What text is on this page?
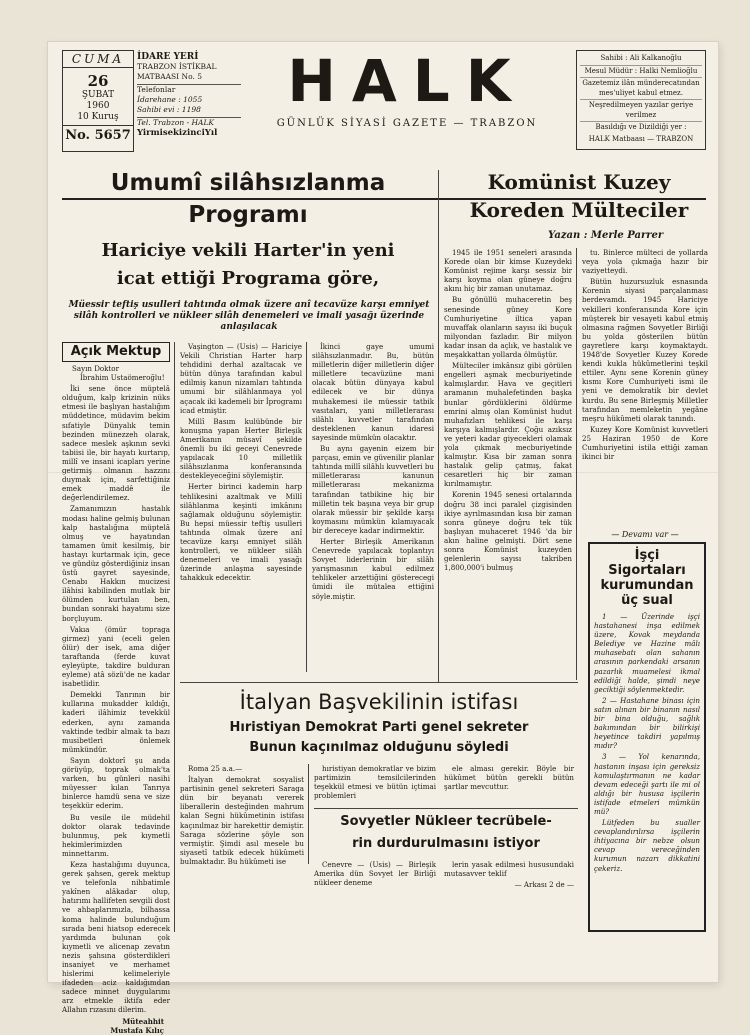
CUMA
26
ŞUBAT
1960
10 Kuruş
No. 5657
İDARE YERİ
TRABZON İSTİKBAL
MATBAASI No. 5
Telefonlar
İdarehane : 1055
Sahibi evi : 1198
Tel. Trabzon - HALK
YirmisekizinciYıl
HALK
GÜNLÜK SİYASİ GAZETE — TRABZON
Sahibi : Ali Kalkanoğlu
Mesul Müdür : Halki Nemlioğlu
Gazetemiz ilân münderecatından mes'uliyet kabul etmez.
Neşredilmeyen yazılar geriye verilmez
Basıldığı ve Dizildiği yer :
HALK Matbaası — TRABZON
Umumî silâhsızlanma
Programı
Hariciye vekili Harter'in yeni
icat ettiği Programa göre,
Müessir teftiş usulleri tahtında olmak üzere anî tecavüze karşı emniyet silâh kontrolleri ve nükleer silâh denemeleri ve imali yasağı üzerinde anlaşılacak
Açık Mektup
Sayın Doktor
İbrahim Ustaömeroğlu!

İki sene önce müptelâ olduğum, kalp krizinin nüks etmesi ile başlıyan hastalığım müddetince, müdavim bekim sıfatiyle Dünyalık temin bezinden münezzeh olarak, sadece meslek aşkının sevki tabiisi ile, bir hayatı kurtarıp, millî ve insani icapları yerine getirmiş olmanın hazzını duymak için, sarfettiğiniz emek maddê ile değerlendirilemez.

Zamanımızın hastalık modası haline gelmiş bulunan kalp hastalığına müptelâ olmuş ve hayatından tamamen ümit kesilmiş, bir hastayı kurtarmak için, gece ve gündüz gösterdiğiniz insan üstü gayret sayesinde, Cenabı Hakkın mucizesi ilâhisi kabilinden mutlak bir ölümden kurtulan ben, bundan sonraki hayatımı size borçluyum.

Vakıa (ömür topraga girmez) yani (eceli gelen ölür) der isek, ama diğer taraftanda (ferde kuvat eyleyüpte, takdire bulduran eyleme) atâ sözü'de ne kadar isabetlidir.

Demekki Tanrının bir kullarına mukadder kıldığı, kaderi ilâhimiz tevekkül ederken, aynı zamanda vaktinde tedbir almak ta bazı musibetleri önlemek mümkündür.

Sayın doktorî şu anda görüyüp, toprak olmak'ta varken, bu günleri nasihi müyesser kılan Tanrıya binlerce hamdü sena ve size teşekkür ederim.

Bu vesile ile müdehil doktor olarak tedavinde bulunmuş, pek kıymetli hekimlerimizden minnettarım.

Keza hastalığımı duyunca, gerek şahsen, gerek mektup ve telefonla nihbatimle yakînen alâkadar olup, hatırımı hallifeten sevgili dost ve ahbaplarımızla, bilhassa koma halinde bulunduğum sırada beni hiatsop ederecek yardımda bulunan çok kıymetli ve alicenap zevatın nezis şahsına gösterdikleri insaniyet ve merhamet hislerimi kelimeleriyle ifadeden aciz kaldığımdan sadece minnet duygularımı arz etmekle iktifa eder Allahın rızasını dilerim.

Müteahhit
Mustafa Kılıç

Vaşington — (Usis) — Hariciye Vekili Christian Harter harp tehdidini derhal azaltacak ve bütün dünya tarafından kabul edilmiş kanun nizamları tahtında umumi bir silâhlanmaya yol açacak iki kademeli bir İprogramı icad etmiştir.

Millî Basım kulübünde bir konuşma yapan Herter Birleşik Amerikanın müsavî şekilde önemli bu iki geceyi Cenevrede yapılacak 10 milletlik silâhsızlanma konferansında destekleyeceğini söylemiştir.

Herter birinci kademin harp tehlikesini azaltmak ve Millî silâhlanma keşinti imkânını sağlamak olduğunu söylemiştir. Bu hepsi müessir teftiş usulleri tahtında olmak üzere anî tecavüze karşı emniyet silâh kontrolleri, ve nükleer silâh denemeleri ve imali yasağı üzerinde anlaşma sayesinde tahakkuk edecektir.

İkinci gaye umumi silâhsızlanmadır. Bu, bütün milletlerin diğer milletlerin diğer milletlere tecavüzüne mani olacak bütün dünyaya kabul edilecek ve bir dünya muhakemesi ile müessir tatbik vasıtaları, yani milletlerarası silâhlı kuvvetler tarafından desteklenen kanun idaresi sayesinde mümkün olacaktır.

Bu aynı gayenin eizem bir parçası, emin ve güvenilir planlar tahtında millî silâhlı kuvvetleri bu milletlerarası kanunun milletlerarası mekanizma tarafından tatbikine hiç bir milletin tek başına veya bir grup olarak müessir bir şekilde karşı koymasını mümkün kılamıyacak bir dereceye kadar indirmektir.

Herter Birleşik Amerikanın Cenevrede yapılacak toplantıyı Sovyet liderlerinin bir silâh yarışmasının kabul edilmez tehlikeler arzettiğini gösterecegi ümidi ile mütalea ettiğini söyle.miştir.

Komünist Kuzey
Koreden Mülteciler
Yazan : Merle Parrer

1945 ile 1951 seneleri arasında Korede olan bir kimse Kuzeydeki Komünist rejime karşı sessiz bir karşı koyma olan güneye doğru akını hiç bir zaman unutamaz.

Bu gönüllü muhaceretin beş senesinde güney Kore Cumhuriyetine iltica yapan muvaffak olanların sayısı iki buçuk milyondan fazladır. Bir milyon kadar insan da açlık, ve hastalık ve meşakkattan yollarda ölmüştür.

Mülteciler imkânsız gibi görülen engelleri aşmak mecburiyetinde kalmışlardır. Hava ve geçitleri aramanın muhalefetinden başka bunlar gördüklerini öldürme emrini almış olan Komünist hudut muhafızları tehlikesi ile karşı karşıya kalmışlardır. Çoğu azıksız ve yeteri kadar giyecekleri olamak yola çıkmak mecburiyetinde kalmıştır. Kısa bir zaman sonra hastalık gelip çatmış, fakat cesaretleri hiç bir zaman kırılmamıştır.

Korenin 1945 senesi ortalarında doğru 38 inci paralel çizgisinden ikiye ayrılmasından kısa bir zaman sonra güneye doğru tek tük başlıyan muhaceret 1946 'da bir akın haline gelmişti. Dört sene sonra Komünist kuzeyden gelenlerin sayısı takriben 1,800,000'i bulmuş

tu. Binlerce mülteci de yollarda veya yola çıkmağa hazır bir vaziyetteydi.

Bütün huzursuzluk esnasında Korenin siyasi parçalanması berdevamdı. 1945 Hariciye vekilleri konferansında Kore için müşterek bir vesayeti kabul etmiş olmasına rağmen Sovyetler Birliği bu yolda gösterilen bütün gayretlere karşı koymaktaydı. 1948'de Sovyetler Kuzey Korede kendi kukla hükûmetlerini teşkil ettiler. Aynı sene Korenin güney kısmı Kore Cumhuriyeti ismi ile yeni ve demokratik bir devlet kurdu. Bu sene Birleşmiş Milletler tarafından memleketin yegâne meşru hükûmeti olarak tanındı.

Kuzey Kore Komünist kuvvetleri 25 Haziran 1950 de Kore Cumhuriyetini istila ettiği zaman ikinci bir

— Devamı var —
İşçi Sigortaları
kurumundan
üç sual

1 — Üzerinde işçi hastahanesi inşa edilmek üzere, Kovak meydanda Belediye ve Hazine mâlı muhasebatı olan sahanın arasının parkendaki arsanın pazarlık muamelesi ikmal edildiği halde, şimdi neye geciktiği söylenmektedir.

2 — Hastahane binası için satın alınan bir binanın nasıl bir bina olduğu, sağlık bakımından bir bilirkişi heyetince takdiri yapılmış mıdır?

3 — Yol kenarında, hastanın inşası için gereksiz kamulaştırmanın ne kadar devam edeceği şartı ile mi ol aldığı bir hususa işçilerin istifade etmeleri mümkün mü?

Lütfeden bu sualler cevaplandırılırsa işçilerin ihtiyacına bir nebze olsun cevap vereceğinden kurumun nazarı dikkatini çekeriz.

İtalyan Başvekilinin istifası
Hıristiyan Demokrat Parti genel sekreter
Bunun kaçınılmaz olduğunu söyledi

Roma 25 a.a.—

İtalyan demokrat sosyalist partisinin genel sekreteri Saraga dün bir beyanatı vererek liberallerin desteğinden mahrum kalan Segni hükûmetinin istifası kaçınılmaz bir harekettir demiştir. Saraga sözlerine şöyle son vermiştir. Şimdi asıl mesele bu siyasetî tatbik edecek hükûmeti bulmaktadır. Bu hükûmeti ise

hıristiyan demokratlar ve bizim partimizin temsilcilerinden teşekkül etmesi ve bütün içtimai problemleri

ele alması gerekir. Böyle bir hükûmet bütün gerekli bütün şartlar mevcuttur.

Sovyetler Nükleer tecrübele-
rin durdurulmasını istiyor

Cenevre — (Usis) — Birleşik Amerika dün Sovyet ler Birliği nükleer deneme

lerin yasak edilmesi hususundaki mutasavver teklif

— Arkası 2 de —
